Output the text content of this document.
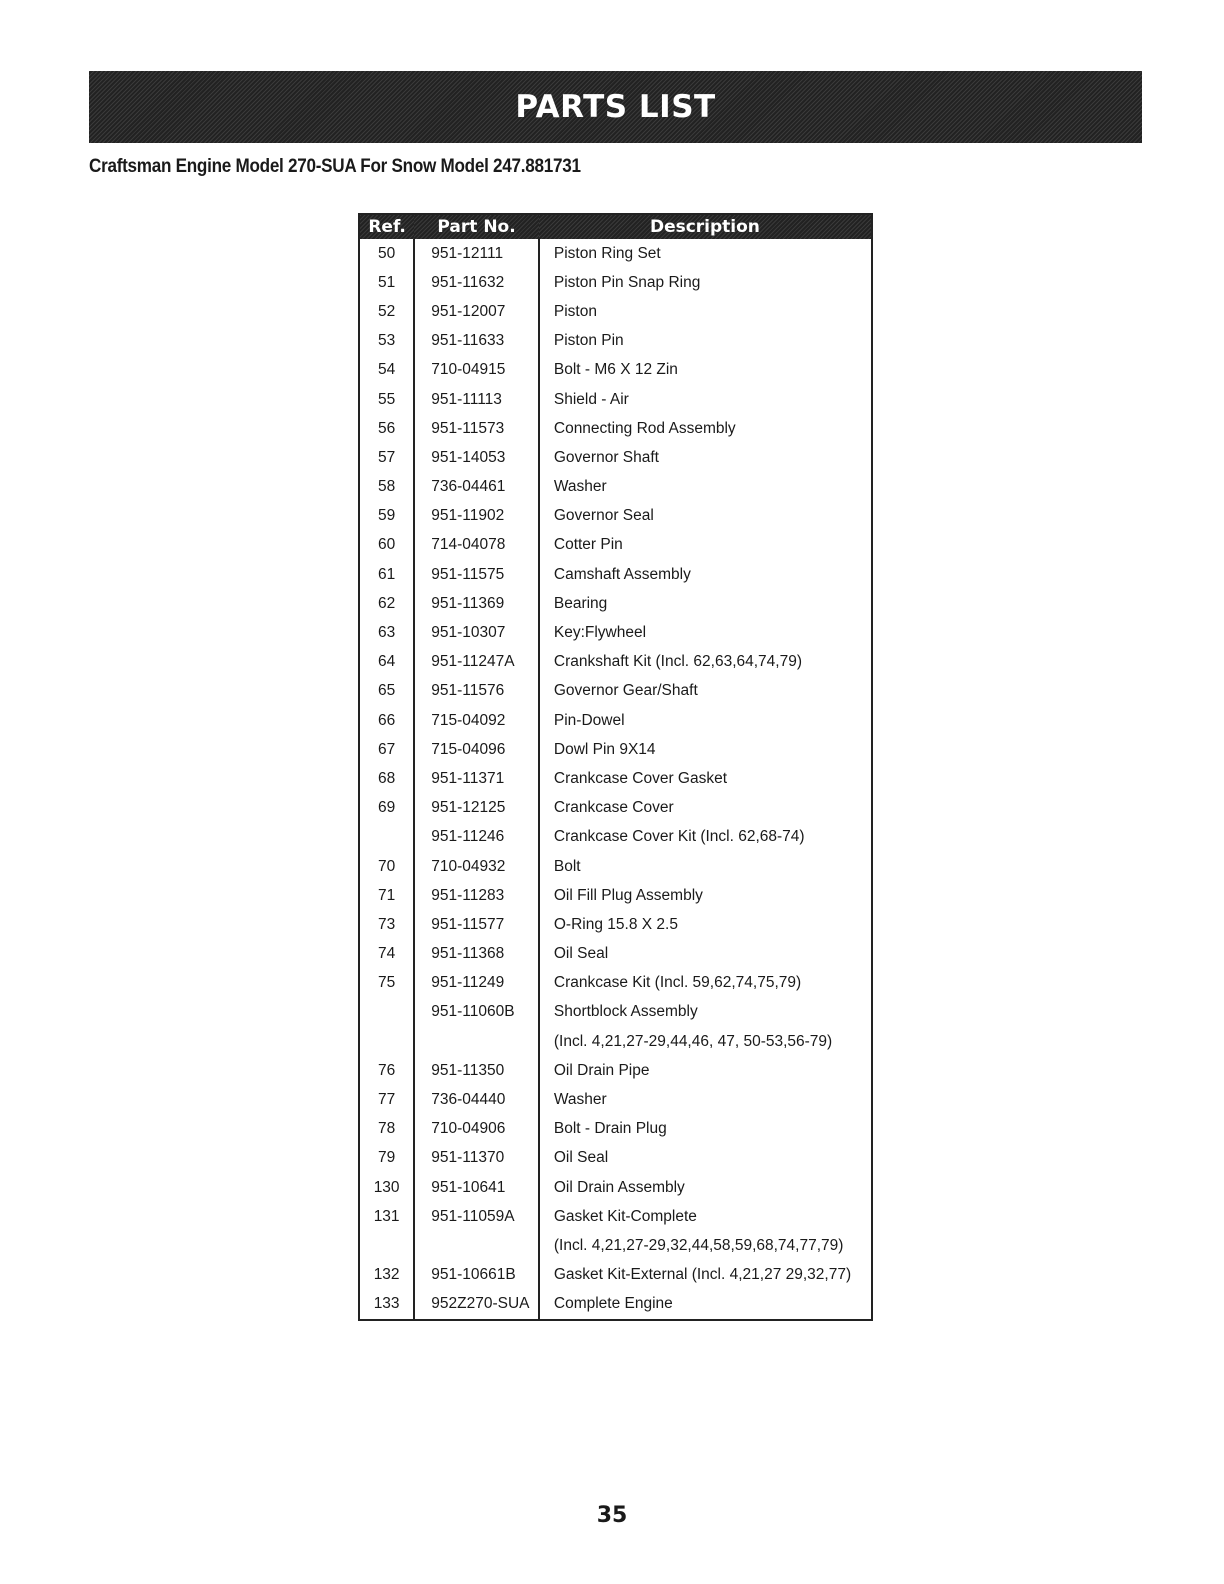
PARTS LIST
Craftsman Engine Model 270-SUA For Snow Model 247.881731
Ref.	Part No.	Description
50	951-12111	Piston Ring Set
51	951-11632	Piston Pin Snap Ring
52	951-12007	Piston
53	951-11633	Piston Pin
54	710-04915	Bolt - M6 X 12 Zin
55	951-11113	Shield - Air
56	951-11573	Connecting Rod Assembly
57	951-14053	Governor Shaft
58	736-04461	Washer
59	951-11902	Governor Seal
60	714-04078	Cotter Pin
61	951-11575	Camshaft Assembly
62	951-11369	Bearing
63	951-10307	Key:Flywheel
64	951-11247A	Crankshaft Kit (Incl. 62,63,64,74,79)
65	951-11576	Governor Gear/Shaft
66	715-04092	Pin-Dowel
67	715-04096	Dowl Pin 9X14
68	951-11371	Crankcase Cover Gasket
69	951-12125	Crankcase Cover
	951-11246	Crankcase Cover Kit (Incl. 62,68-74)
70	710-04932	Bolt
71	951-11283	Oil Fill Plug Assembly
73	951-11577	O-Ring 15.8 X 2.5
74	951-11368	Oil Seal
75	951-11249	Crankcase Kit (Incl. 59,62,74,75,79)
	951-11060B	Shortblock Assembly
		(Incl. 4,21,27-29,44,46, 47, 50-53,56-79)
76	951-11350	Oil Drain Pipe
77	736-04440	Washer
78	710-04906	Bolt - Drain Plug
79	951-11370	Oil Seal
130	951-10641	Oil Drain Assembly
131	951-11059A	Gasket Kit-Complete
		(Incl. 4,21,27-29,32,44,58,59,68,74,77,79)
132	951-10661B	Gasket Kit-External (Incl. 4,21,27 29,32,77)
133	952Z270-SUA	Complete Engine
35
